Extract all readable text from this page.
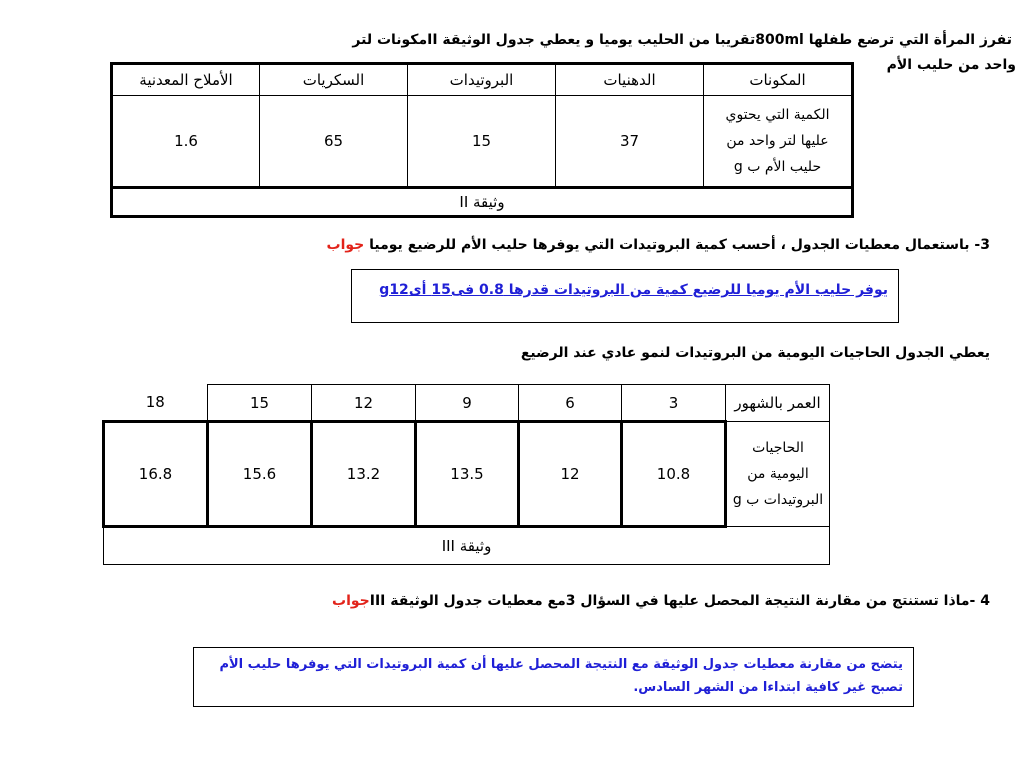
تفرز المرأة التي ترضع طفلها 800mlتقريبا من الحليب يوميا و يعطي جدول الوثيقة IIمكونات لتر
واحد من حليب الأم
المكونات	الدهنيات	البروتيدات	السكريات	الأملاح المعدنية

الكمية التي يحتوي
عليها لتر واحد من
حليب الأم ب g	37	15	65	1.6
وثيقة II				
3- باستعمال معطيات الجدول ، أحسب كمية البروتيدات التي يوفرها حليب الأم للرضيع يوميا جواب
يوفر حليب الأم يوميا للرضيع كمية من البروتيدات قدرها 0.8 فى15 أىg12
يعطي الجدول الحاجيات اليومية من البروتيدات لنمو عادي عند الرضيع
العمر بالشهور	3	6	9	12	15	18

الحاجيات
اليومية من
البروتيدات ب g	10.8	12	13.5	13.2	15.6	16.8
وثيقة III						
4 -ماذا تستنتج من مقارنة النتيجة المحصل عليها في السؤال 3مع معطيات جدول الوثيقة IIIجواب
يتضح من مقارنة معطيات جدول الوثيقة مع النتيجة المحصل عليها أن كمية البروتيدات التي يوفرها حليب الأم
تصبح غير كافية ابتداءا من الشهر السادس.
